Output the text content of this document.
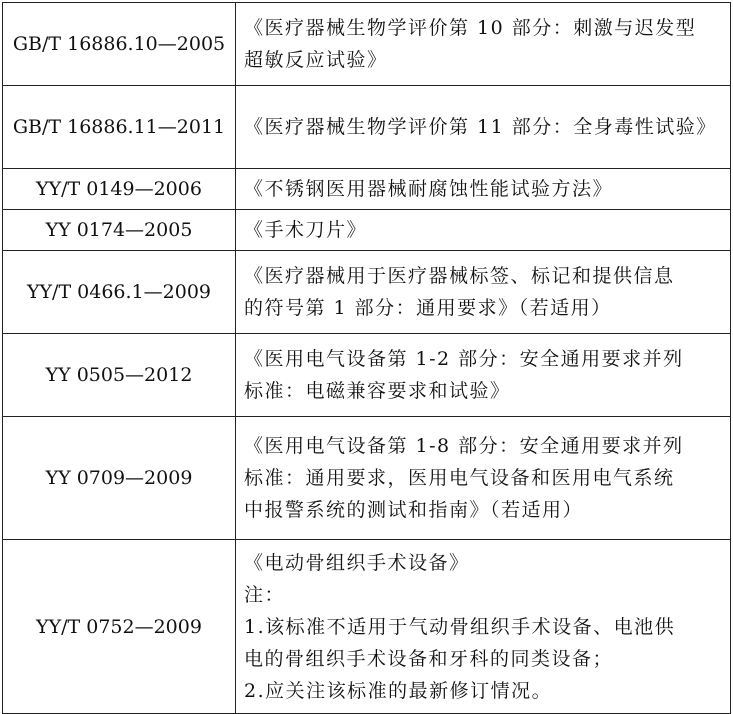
GB/T 16886.10—2005	《医疗器械生物学评价第 10 部分：刺激与迟发型
超敏反应试验》

GB/T 16886.11—2011	《医疗器械生物学评价第 11 部分：全身毒性试验》

YY/T 0149—2006	《不锈钢医用器械耐腐蚀性能试验方法》

YY 0174—2005	《手术刀片》

YY/T 0466.1—2009	《医疗器械用于医疗器械标签、标记和提供信息
的符号第 1 部分：通用要求》（若适用）

YY 0505—2012	《医用电气设备第 1-2 部分：安全通用要求并列
标准：电磁兼容要求和试验》

YY 0709—2009	《医用电气设备第 1-8 部分：安全通用要求并列
标准：通用要求，医用电气设备和医用电气系统
中报警系统的测试和指南》（若适用）

YY/T 0752—2009	《电动骨组织手术设备》
注：
1.该标准不适用于气动骨组织手术设备、电池供
电的骨组织手术设备和牙科的同类设备；
2.应关注该标准的最新修订情况。
